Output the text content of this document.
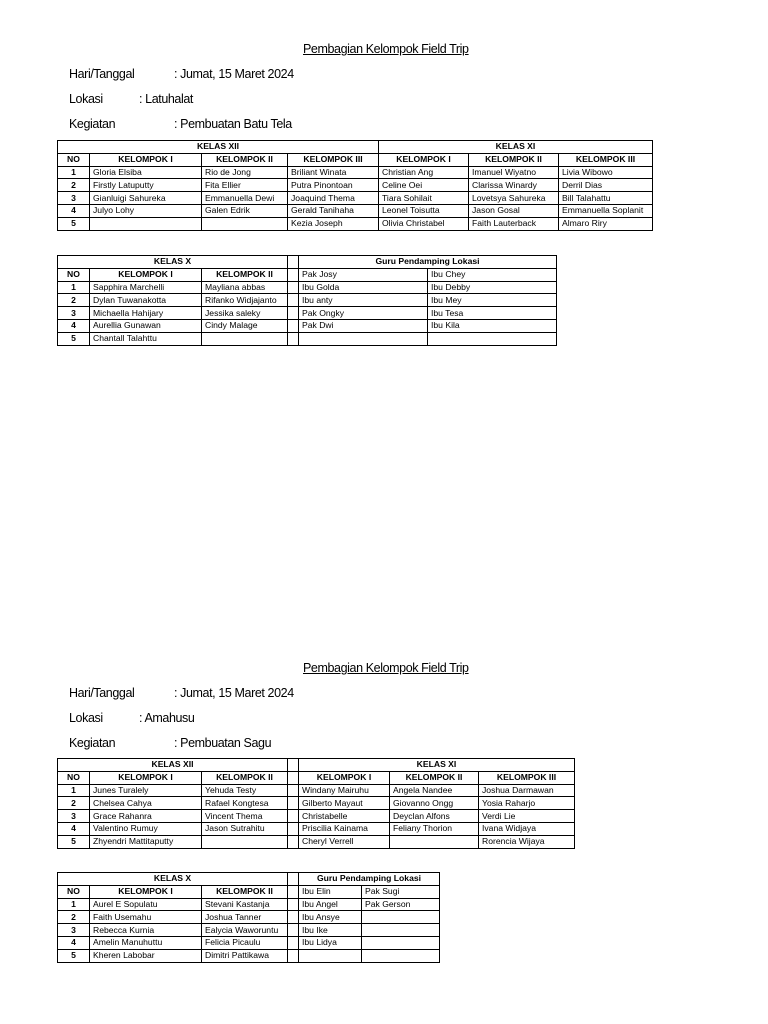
Pembagian Kelompok Field Trip
Hari/Tanggal	: Jumat, 15 Maret 2024
Lokasi	: Latuhalat
Kegiatan	: Pembuatan Batu Tela
KELAS XII				KELAS XI		
NO	KELOMPOK I	KELOMPOK II	KELOMPOK III	KELOMPOK I	KELOMPOK II	KELOMPOK III
1	Gloria Elsiba	Rio de Jong	Briliant Winata	Christian Ang	Imanuel Wiyatno	Livia Wibowo
2	Firstly Latuputty	Fita Ellier	Putra Pinontoan	Celine Oei	Clarissa Winardy	Derril Dias
3	Gianluigi Sahureka	Emmanuella Dewi	Joaquind Thema	Tiara Sohilait	Lovetsya Sahureka	Bill Talahattu
4	Julyo Lohy	Galen Edrik	Gerald Tanihaha	Leonel Toisutta	Jason Gosal	Emmanuella Soplanit
5			Kezia Joseph	Olivia Christabel	Faith Lauterback	Almaro Riry
KELAS X				Guru Pendamping Lokasi	
NO	KELOMPOK I	KELOMPOK II		Pak Josy	Ibu Chey
1	Sapphira Marchelli	Mayliana abbas		Ibu Golda	Ibu Debby
2	Dylan Tuwanakotta	Rifanko Widjajanto		Ibu anty	Ibu Mey
3	Michaella Hahijary	Jessika saleky		Pak Ongky	Ibu Tesa
4	Aurellia Gunawan	Cindy Malage		Pak Dwi	Ibu Kila
5	Chantall Talahttu				
Pembagian Kelompok Field Trip
Hari/Tanggal	: Jumat, 15 Maret 2024
Lokasi	: Amahusu
Kegiatan	: Pembuatan Sagu
KELAS XII				KELAS XI		
NO	KELOMPOK I	KELOMPOK II		KELOMPOK I	KELOMPOK II	KELOMPOK III
1	Junes Turalely	Yehuda Testy		Windany Mairuhu	Angela Nandee	Joshua Darmawan
2	Chelsea Cahya	Rafael Kongtesa		Gilberto Mayaut	Giovanno Ongg	Yosia Raharjo
3	Grace Rahanra	Vincent Thema		Christabelle	Deyclan Alfons	Verdi Lie
4	Valentino Rumuy	Jason Sutrahitu		Priscilia Kainama	Feliany Thorion	Ivana Widjaya
5	Zhyendri Mattitaputty			Cheryl Verrell		Rorencia Wijaya
KELAS X				Guru Pendamping Lokasi	
NO	KELOMPOK I	KELOMPOK II		Ibu Elin	Pak Sugi
1	Aurel E Sopulatu	Stevani Kastanja		Ibu Angel	Pak Gerson
2	Faith Usemahu	Joshua Tanner		Ibu Ansye	
3	Rebecca Kurnia	Ealycia Waworuntu		Ibu Ike	
4	Amelin Manuhuttu	Felicia Picaulu		Ibu Lidya	
5	Kheren Labobar	Dimitri Pattikawa			
